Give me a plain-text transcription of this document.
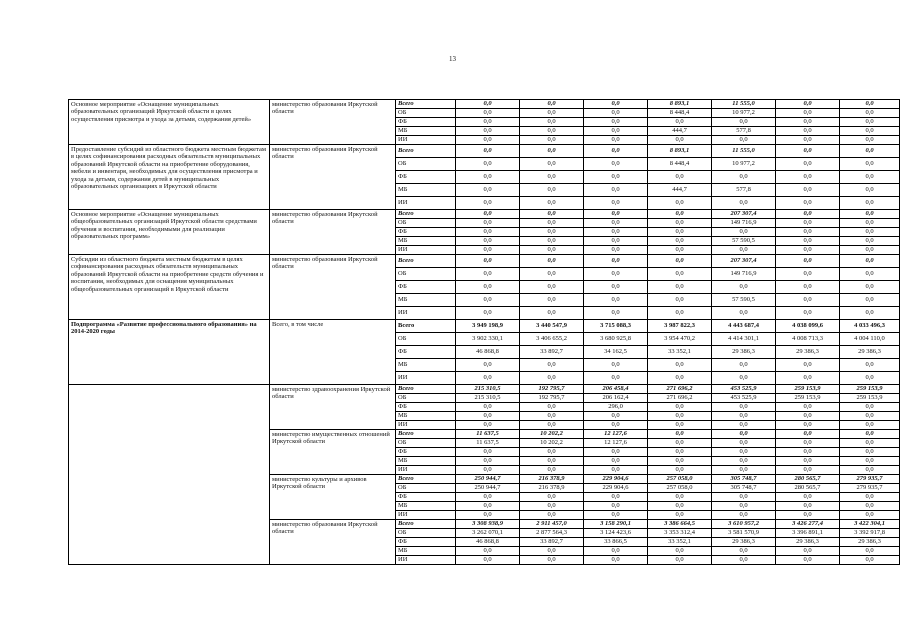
13
Основное мероприятие «Оснащение муниципальных образовательных организаций Иркутской области в целях осуществления присмотра и ухода за детьми, содержания детей»	министерство образования Иркутской области	Всего	0,0	0,0	0,0	8 893,1	11 555,0	0,0	0,0
		ОБ	0,0	0,0	0,0	8 448,4	10 977,2	0,0	0,0
		ФБ	0,0	0,0	0,0	0,0	0,0	0,0	0,0
		МБ	0,0	0,0	0,0	444,7	577,8	0,0	0,0
		ИИ	0,0	0,0	0,0	0,0	0,0	0,0	0,0
Предоставление субсидий из областного бюджета местным бюджетам в целях софинансирования расходных обязательств муниципальных образований Иркутской области на приобретение оборудования, мебели и инвентаря, необходимых для осуществления присмотра и ухода за детьми, содержания детей в муниципальных образовательных организациях в Иркутской области	министерство образования Иркутской области	Всего	0,0	0,0	0,0	8 893,1	11 555,0	0,0	0,0
		ОБ	0,0	0,0	0,0	8 448,4	10 977,2	0,0	0,0
		ФБ	0,0	0,0	0,0	0,0	0,0	0,0	0,0
		МБ	0,0	0,0	0,0	444,7	577,8	0,0	0,0
		ИИ	0,0	0,0	0,0	0,0	0,0	0,0	0,0
Основное мероприятие «Оснащение муниципальных общеобразовательных организаций Иркутской области средствами обучения и воспитания, необходимыми для реализации образовательных программ»	министерство образования Иркутской области	Всего	0,0	0,0	0,0	0,0	207 307,4	0,0	0,0
		ОБ	0,0	0,0	0,0	0,0	149 716,9	0,0	0,0
		ФБ	0,0	0,0	0,0	0,0	0,0	0,0	0,0
		МБ	0,0	0,0	0,0	0,0	57 590,5	0,0	0,0
		ИИ	0,0	0,0	0,0	0,0	0,0	0,0	0,0
Субсидии из областного бюджета местным бюджетам в целях софинансирования расходных обязательств муниципальных образований Иркутской области на приобретение средств обучения и воспитания, необходимых для оснащения муниципальных общеобразовательных организаций в Иркутской области	министерство образования Иркутской области	Всего	0,0	0,0	0,0	0,0	207 307,4	0,0	0,0
		ОБ	0,0	0,0	0,0	0,0	149 716,9	0,0	0,0
		ФБ	0,0	0,0	0,0	0,0	0,0	0,0	0,0
		МБ	0,0	0,0	0,0	0,0	57 590,5	0,0	0,0
		ИИ	0,0	0,0	0,0	0,0	0,0	0,0	0,0
Подпрограмма «Развитие профессионального образования» на 2014-2020 годы	Всего, в том числе	Всего	3 949 198,9	3 440 547,9	3 715 088,3	3 987 822,3	4 443 687,4	4 038 099,6	4 033 496,3
		ОБ	3 902 330,1	3 406 655,2	3 680 925,8	3 954 470,2	4 414 301,1	4 008 713,3	4 004 110,0
		ФБ	46 868,8	33 892,7	34 162,5	33 352,1	29 386,3	29 386,3	29 386,3
		МБ	0,0	0,0	0,0	0,0	0,0	0,0	0,0
		ИИ	0,0	0,0	0,0	0,0	0,0	0,0	0,0
	министерство здравоохранения Иркутской области	Всего	215 310,5	192 795,7	206 458,4	271 696,2	453 525,9	259 153,9	259 153,9
		ОБ	215 310,5	192 795,7	206 162,4	271 696,2	453 525,9	259 153,9	259 153,9
		ФБ	0,0	0,0	296,0	0,0	0,0	0,0	0,0
		МБ	0,0	0,0	0,0	0,0	0,0	0,0	0,0
		ИИ	0,0	0,0	0,0	0,0	0,0	0,0	0,0
	министерство имущественных отношений Иркутской области	Всего	11 637,5	10 202,2	12 127,6	0,0	0,0	0,0	0,0
		ОБ	11 637,5	10 202,2	12 127,6	0,0	0,0	0,0	0,0
		ФБ	0,0	0,0	0,0	0,0	0,0	0,0	0,0
		МБ	0,0	0,0	0,0	0,0	0,0	0,0	0,0
		ИИ	0,0	0,0	0,0	0,0	0,0	0,0	0,0
	министерство культуры и архивов Иркутской области	Всего	250 944,7	216 378,9	229 904,6	257 058,0	305 748,7	280 565,7	279 935,7
		ОБ	250 944,7	216 378,9	229 904,6	257 058,0	305 748,7	280 565,7	279 935,7
		ФБ	0,0	0,0	0,0	0,0	0,0	0,0	0,0
		МБ	0,0	0,0	0,0	0,0	0,0	0,0	0,0
		ИИ	0,0	0,0	0,0	0,0	0,0	0,0	0,0
	министерство образования Иркутской области	Всего	3 308 938,9	2 911 457,0	3 158 290,1	3 386 664,5	3 610 957,2	3 426 277,4	3 422 304,1
		ОБ	3 262 070,1	2 877 564,3	3 124 423,6	3 353 312,4	3 581 570,9	3 396 891,1	3 392 917,8
		ФБ	46 868,8	33 892,7	33 866,5	33 352,1	29 386,3	29 386,3	29 386,3
		МБ	0,0	0,0	0,0	0,0	0,0	0,0	0,0
		ИИ	0,0	0,0	0,0	0,0	0,0	0,0	0,0
